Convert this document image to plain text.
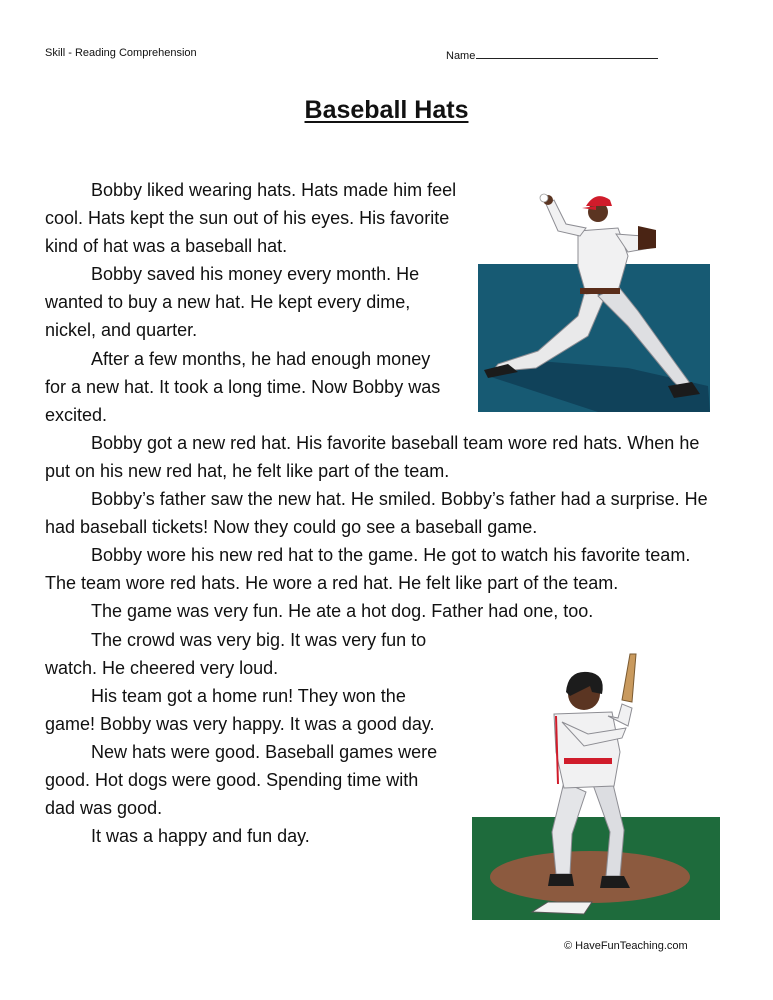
Skill - Reading Comprehension	Name
Baseball Hats
Bobby liked wearing hats. Hats made him feel
cool. Hats kept the sun out of his eyes. His favorite
kind of hat was a baseball hat.
Bobby saved his money every month. He
wanted to buy a new hat. He kept every dime,
nickel, and quarter.
After a few months, he had enough money
for a new hat. It took a long time. Now Bobby was
excited.
Bobby got a new red hat. His favorite baseball team wore red hats. When he
put on his new red hat, he felt like part of the team.
Bobby’s father saw the new hat. He smiled. Bobby’s father had a surprise. He
had baseball tickets! Now they could go see a baseball game.
Bobby wore his new red hat to the game. He got to watch his favorite team.
The team wore red hats. He wore a red hat. He felt like part of the team.
The game was very fun. He ate a hot dog. Father had one, too.
The crowd was very big. It was very fun to
watch. He cheered very loud.
His team got a home run! They won the
game! Bobby was very happy. It was a good day.
New hats were good. Baseball games were
good. Hot dogs were good. Spending time with
dad was good.
It was a happy and fun day.
© HaveFunTeaching.com
